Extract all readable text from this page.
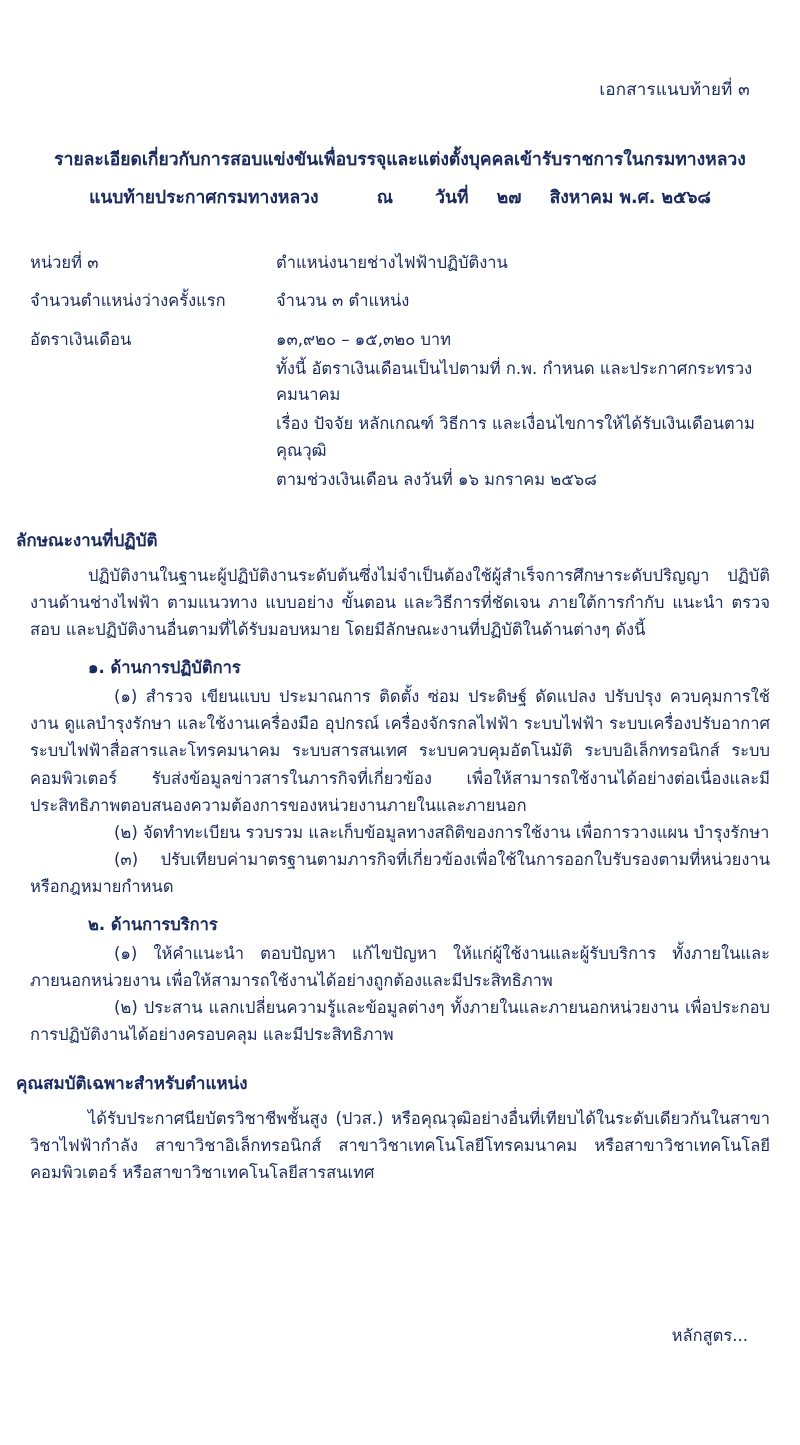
เอกสารแนบท้ายที่ ๓
รายละเอียดเกี่ยวกับการสอบแข่งขันเพื่อบรรจุและแต่งตั้งบุคคลเข้ารับราชการในกรมทางหลวง
แนบท้ายประกาศกรมทางหลวง	ณ วันที่ ๒๗ สิงหาคม พ.ศ. ๒๕๖๘
หน่วยที่ ๓	ตำแหน่งนายช่างไฟฟ้าปฏิบัติงาน
จำนวนตำแหน่งว่างครั้งแรก	จำนวน ๓ ตำแหน่ง
อัตราเงินเดือน	๑๓,๙๒๐ – ๑๕,๓๒๐ บาท
	ทั้งนี้ อัตราเงินเดือนเป็นไปตามที่ ก.พ. กำหนด และประกาศกระทรวงคมนาคม
	เรื่อง ปัจจัย หลักเกณฑ์ วิธีการ และเงื่อนไขการให้ได้รับเงินเดือนตามคุณวุฒิ
	ตามช่วงเงินเดือน ลงวันที่ ๑๖ มกราคม ๒๕๖๘
ลักษณะงานที่ปฏิบัติ

ปฏิบัติงานในฐานะผู้ปฏิบัติงานระดับต้นซึ่งไม่จำเป็นต้องใช้ผู้สำเร็จการศึกษาระดับปริญญา ปฏิบัติงานด้านช่างไฟฟ้า ตามแนวทาง แบบอย่าง ขั้นตอน และวิธีการที่ชัดเจน ภายใต้การกำกับ แนะนำ ตรวจสอบ และปฏิบัติงานอื่นตามที่ได้รับมอบหมาย โดยมีลักษณะงานที่ปฏิบัติในด้านต่างๆ ดังนี้

๑. ด้านการปฏิบัติการ

(๑) สำรวจ เขียนแบบ ประมาณการ ติดตั้ง ซ่อม ประดิษฐ์ ดัดแปลง ปรับปรุง ควบคุมการใช้งาน ดูแลบำรุงรักษา และใช้งานเครื่องมือ อุปกรณ์ เครื่องจักรกลไฟฟ้า ระบบไฟฟ้า ระบบเครื่องปรับอากาศ ระบบไฟฟ้าสื่อสารและโทรคมนาคม ระบบสารสนเทศ ระบบควบคุมอัตโนมัติ ระบบอิเล็กทรอนิกส์ ระบบคอมพิวเตอร์ รับส่งข้อมูลข่าวสารในภารกิจที่เกี่ยวข้อง เพื่อให้สามารถใช้งานได้อย่างต่อเนื่องและมีประสิทธิภาพตอบสนองความต้องการของหน่วยงานภายในและภายนอก

(๒) จัดทำทะเบียน รวบรวม และเก็บข้อมูลทางสถิติของการใช้งาน เพื่อการวางแผน บำรุงรักษา

(๓) ปรับเทียบค่ามาตรฐานตามภารกิจที่เกี่ยวข้องเพื่อใช้ในการออกใบรับรองตามที่หน่วยงาน หรือกฎหมายกำหนด

๒. ด้านการบริการ

(๑) ให้คำแนะนำ ตอบปัญหา แก้ไขปัญหา ให้แก่ผู้ใช้งานและผู้รับบริการ ทั้งภายในและภายนอกหน่วยงาน เพื่อให้สามารถใช้งานได้อย่างถูกต้องและมีประสิทธิภาพ

(๒) ประสาน แลกเปลี่ยนความรู้และข้อมูลต่างๆ ทั้งภายในและภายนอกหน่วยงาน เพื่อประกอบการปฏิบัติงานได้อย่างครอบคลุม และมีประสิทธิภาพ

คุณสมบัติเฉพาะสำหรับตำแหน่ง

ได้รับประกาศนียบัตรวิชาชีพชั้นสูง (ปวส.) หรือคุณวุฒิอย่างอื่นที่เทียบได้ในระดับเดียวกันในสาขาวิชาไฟฟ้ากำลัง สาขาวิชาอิเล็กทรอนิกส์ สาขาวิชาเทคโนโลยีโทรคมนาคม หรือสาขาวิชาเทคโนโลยีคอมพิวเตอร์ หรือสาขาวิชาเทคโนโลยีสารสนเทศ

หลักสูตร...
